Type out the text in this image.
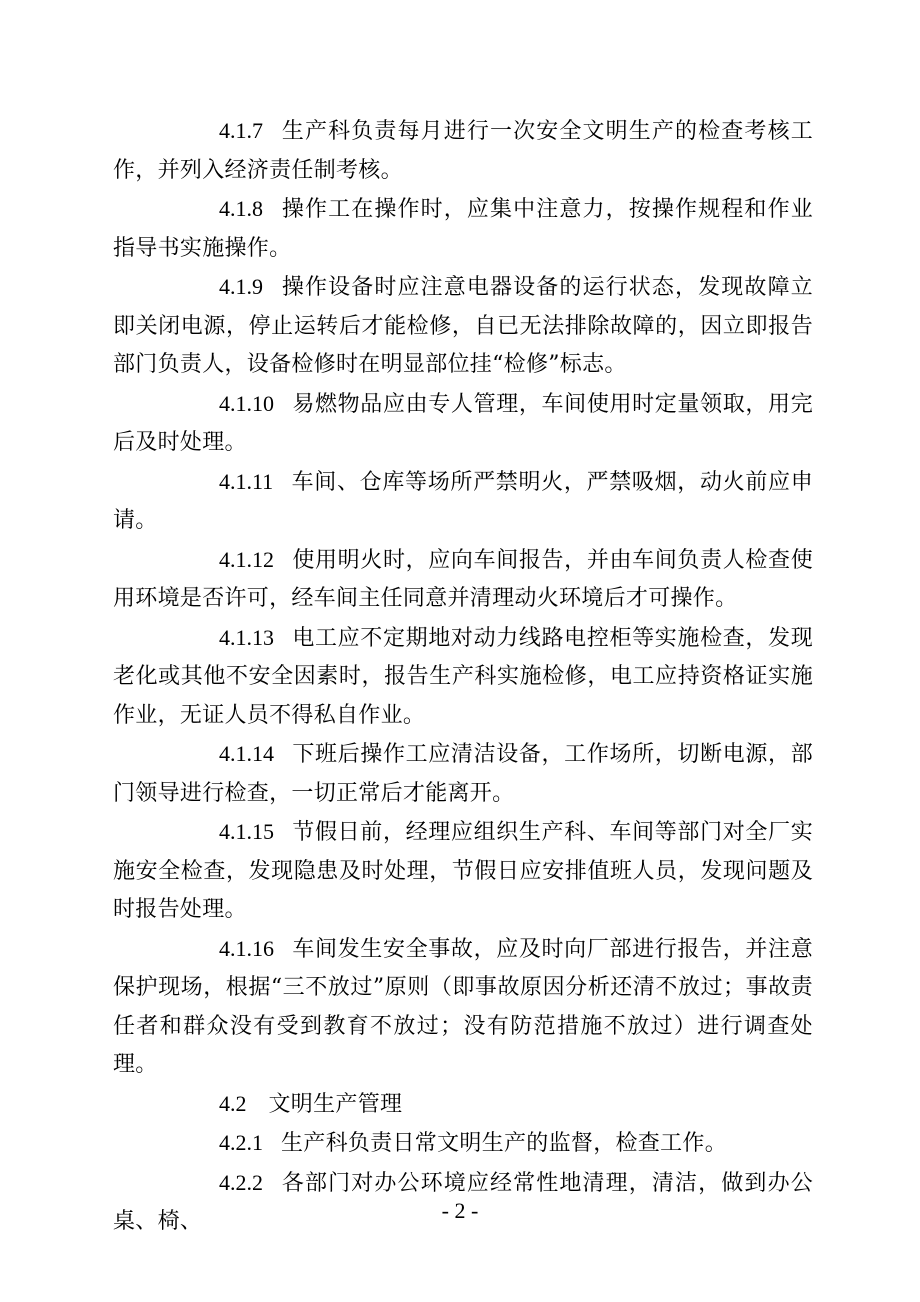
4.1.7 生产科负责每月进行一次安全文明生产的检查考核工作，并列入经济责任制考核。

4.1.8 操作工在操作时，应集中注意力，按操作规程和作业指导书实施操作。

4.1.9 操作设备时应注意电器设备的运行状态，发现故障立即关闭电源，停止运转后才能检修，自已无法排除故障的，因立即报告部门负责人，设备检修时在明显部位挂“检修”标志。

4.1.10 易燃物品应由专人管理，车间使用时定量领取，用完后及时处理。

4.1.11 车间、仓库等场所严禁明火，严禁吸烟，动火前应申请。

4.1.12 使用明火时，应向车间报告，并由车间负责人检查使用环境是否许可，经车间主任同意并清理动火环境后才可操作。

4.1.13 电工应不定期地对动力线路电控柜等实施检查，发现老化或其他不安全因素时，报告生产科实施检修，电工应持资格证实施作业，无证人员不得私自作业。

4.1.14 下班后操作工应清洁设备，工作场所，切断电源，部门领导进行检查，一切正常后才能离开。

4.1.15 节假日前，经理应组织生产科、车间等部门对全厂实施安全检查，发现隐患及时处理，节假日应安排值班人员，发现问题及时报告处理。

4.1.16 车间发生安全事故，应及时向厂部进行报告，并注意保护现场，根据“三不放过”原则（即事故原因分析还清不放过；事故责任者和群众没有受到教育不放过；没有防范措施不放过）进行调查处理。

4.2 文明生产管理

4.2.1 生产科负责日常文明生产的监督，检查工作。

4.2.2 各部门对办公环境应经常性地清理，清洁，做到办公桌、椅、	- 2 -
